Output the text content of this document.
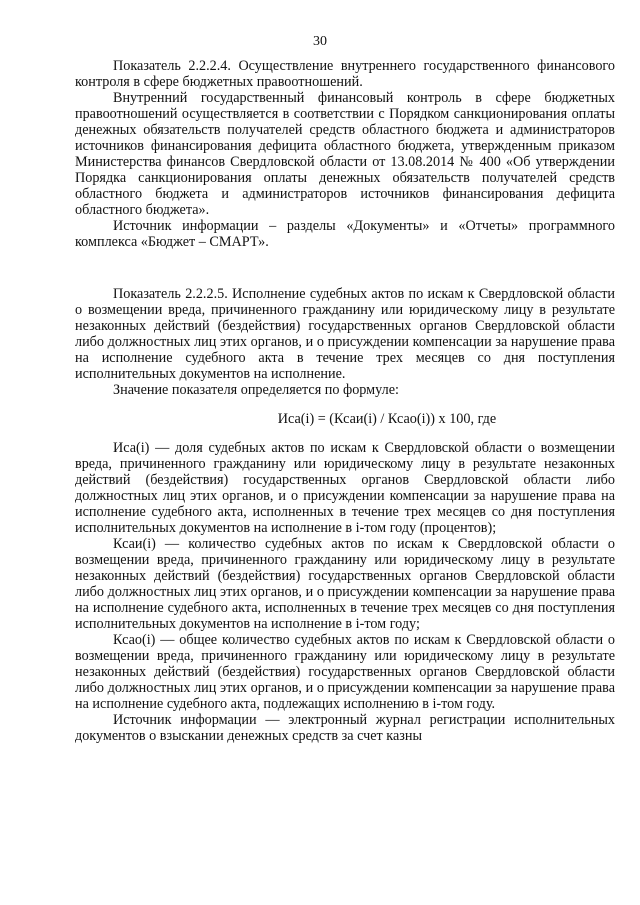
30

Показатель 2.2.2.4. Осуществление внутреннего государственного финансового контроля в сфере бюджетных правоотношений.

Внутренний государственный финансовый контроль в сфере бюджетных правоотношений осуществляется в соответствии с Порядком санкционирования оплаты денежных обязательств получателей средств областного бюджета и администраторов источников финансирования дефицита областного бюджета, утвержденным приказом Министерства финансов Свердловской области от 13.08.2014 № 400 «Об утверждении Порядка санкционирования оплаты денежных обязательств получателей средств областного бюджета и администраторов источников финансирования дефицита областного бюджета».

Источник информации – разделы «Документы» и «Отчеты» программного комплекса «Бюджет – СМАРТ».

Показатель 2.2.2.5. Исполнение судебных актов по искам к Свердловской области о возмещении вреда, причиненного гражданину или юридическому лицу в результате незаконных действий (бездействия) государственных органов Свердловской области либо должностных лиц этих органов, и о присуждении компенсации за нарушение права на исполнение судебного акта в течение трех месяцев со дня поступления исполнительных документов на исполнение.

Значение показателя определяется по формуле:

Иса(i) = (Ксаи(i) / Ксао(i)) х 100, где

Иса(i) — доля судебных актов по искам к Свердловской области о возмещении вреда, причиненного гражданину или юридическому лицу в результате незаконных действий (бездействия) государственных органов Свердловской области либо должностных лиц этих органов, и о присуждении компенсации за нарушение права на исполнение судебного акта, исполненных в течение трех месяцев со дня поступления исполнительных документов на исполнение в i-том году (процентов);

Ксаи(i) — количество судебных актов по искам к Свердловской области о возмещении вреда, причиненного гражданину или юридическому лицу в результате незаконных действий (бездействия) государственных органов Свердловской области либо должностных лиц этих органов, и о присуждении компенсации за нарушение права на исполнение судебного акта, исполненных в течение трех месяцев со дня поступления исполнительных документов на исполнение в i-том году;

Ксао(i) — общее количество судебных актов по искам к Свердловской области о возмещении вреда, причиненного гражданину или юридическому лицу в результате незаконных действий (бездействия) государственных органов Свердловской области либо должностных лиц этих органов, и о присуждении компенсации за нарушение права на исполнение судебного акта, подлежащих исполнению в i-том году.

Источник информации — электронный журнал регистрации исполнительных документов о взыскании денежных средств за счет казны
